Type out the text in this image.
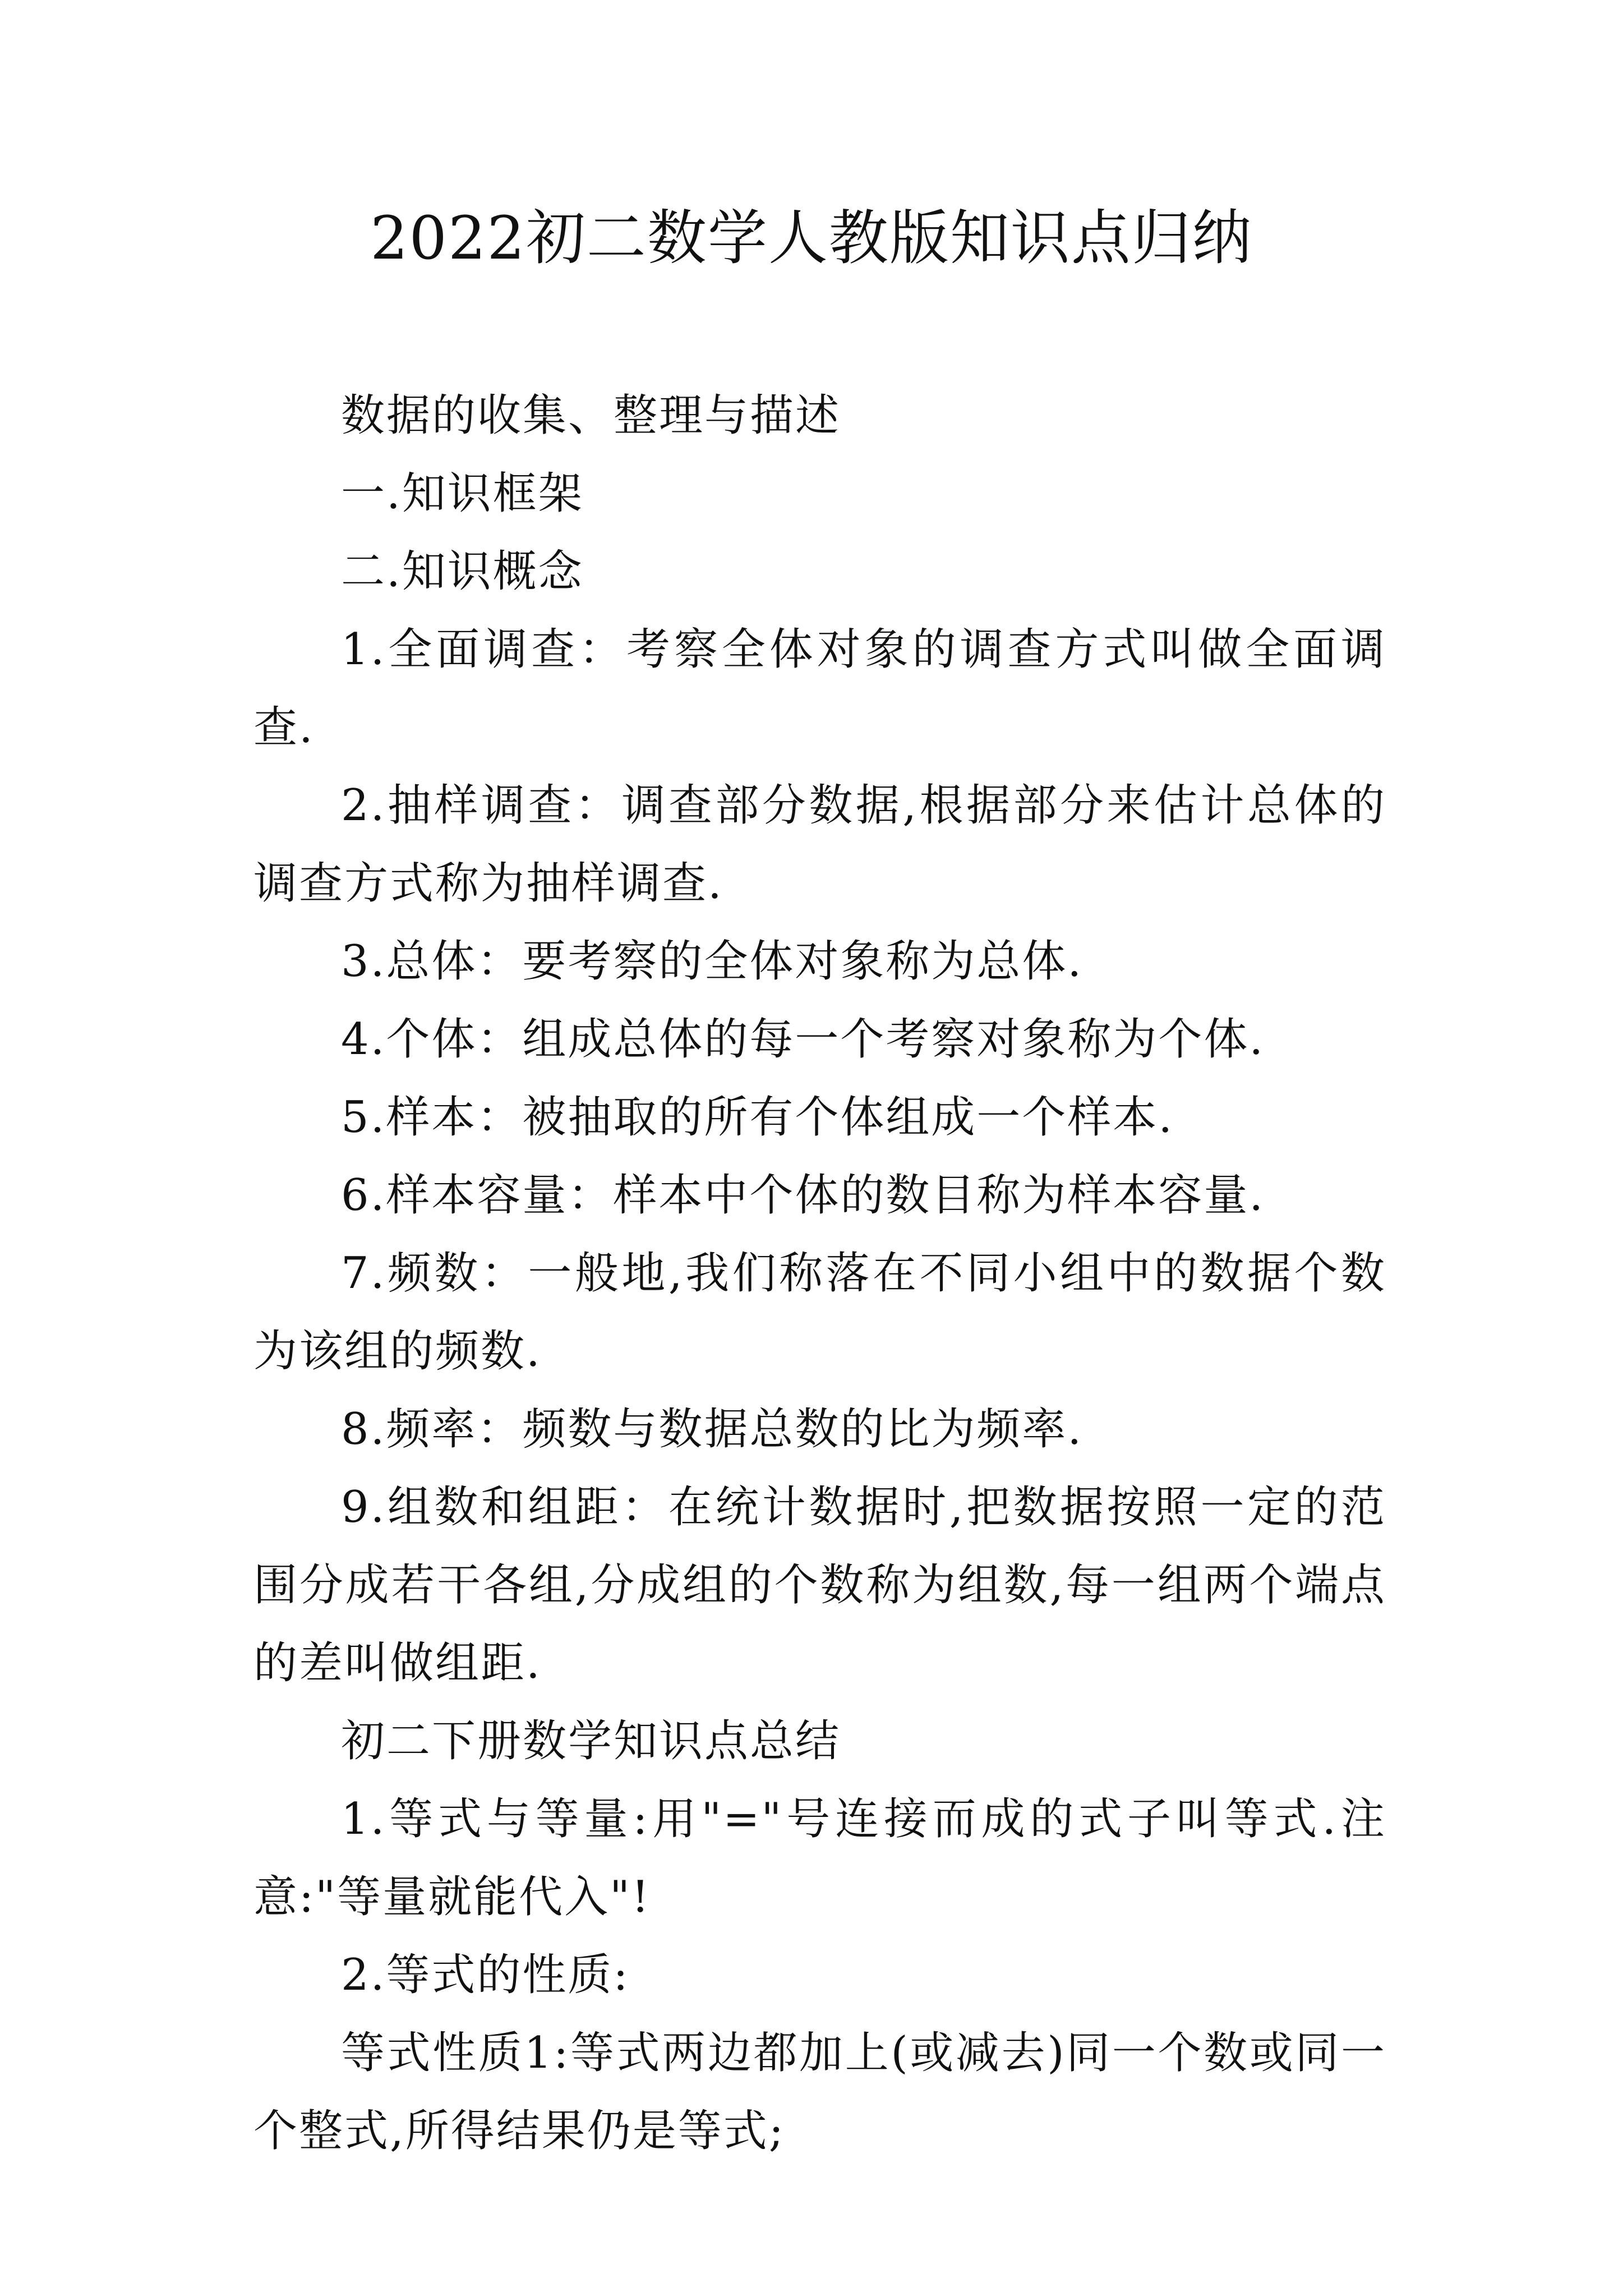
2022初二数学人教版知识点归纳

数据的收集、整理与描述

一.知识框架

二.知识概念

1.全面调查：考察全体对象的调查方式叫做全面调查.

2.抽样调查：调查部分数据,根据部分来估计总体的调查方式称为抽样调查.

3.总体：要考察的全体对象称为总体.

4.个体：组成总体的每一个考察对象称为个体.

5.样本：被抽取的所有个体组成一个样本.

6.样本容量：样本中个体的数目称为样本容量.

7.频数：一般地,我们称落在不同小组中的数据个数为该组的频数.

8.频率：频数与数据总数的比为频率.

9.组数和组距：在统计数据时,把数据按照一定的范围分成若干各组,分成组的个数称为组数,每一组两个端点的差叫做组距.

初二下册数学知识点总结

1.等式与等量:用"="号连接而成的式子叫等式.注意:"等量就能代入"!

2.等式的性质:

等式性质1:等式两边都加上(或减去)同一个数或同一个整式,所得结果仍是等式;
